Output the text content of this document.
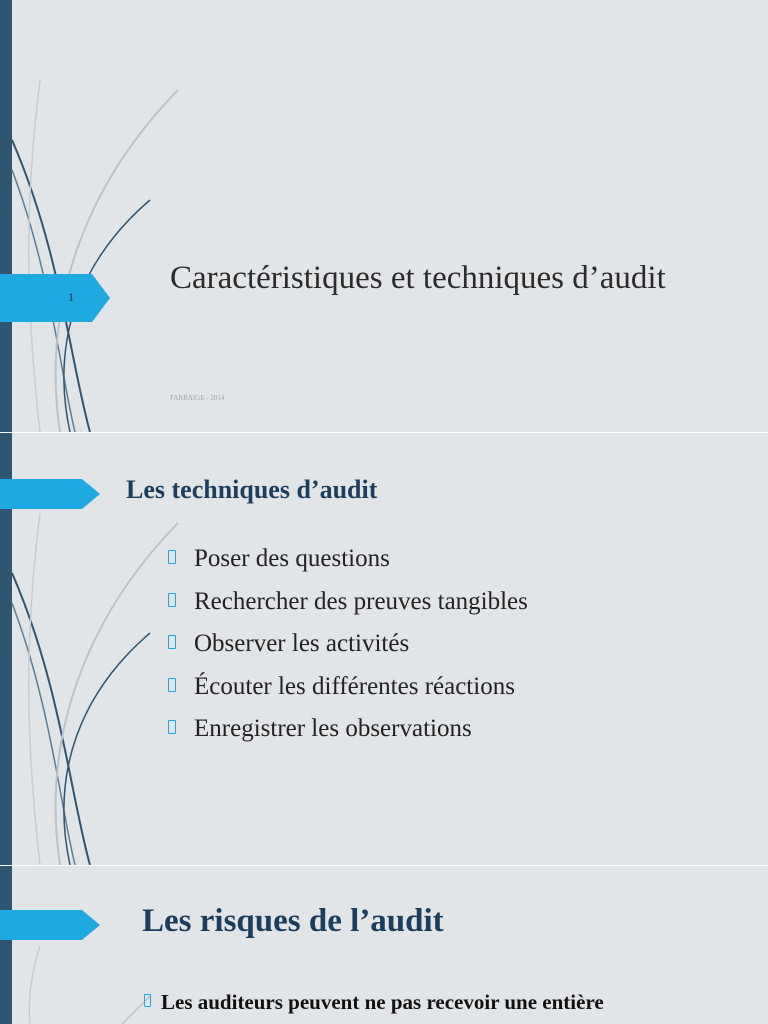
1
Caractéristiques et techniques d’audit
FARRAIGE - 2014
Les techniques d’audit
Poser des questions
Rechercher des preuves tangibles
Observer les activités
Écouter les différentes réactions
Enregistrer les observations
Les risques de l’audit
Les auditeurs peuvent ne pas recevoir une entière
